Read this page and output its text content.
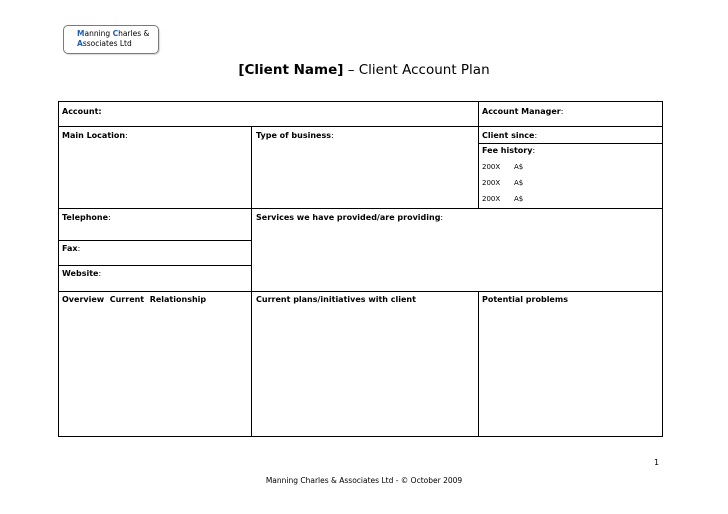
Manning Charles &
Associates Ltd
[Client Name] – Client Account Plan
Account:	Account Manager:
Main Location:	Type of business:	Client since:
Fee history:
200X A$
200X A$
200X A$
Telephone:	Services we have provided/are providing:
Fax:
Website:
Overview  Current  Relationship	Current plans/initiatives with client	Potential problems
1
Manning Charles & Associates Ltd - © October 2009
